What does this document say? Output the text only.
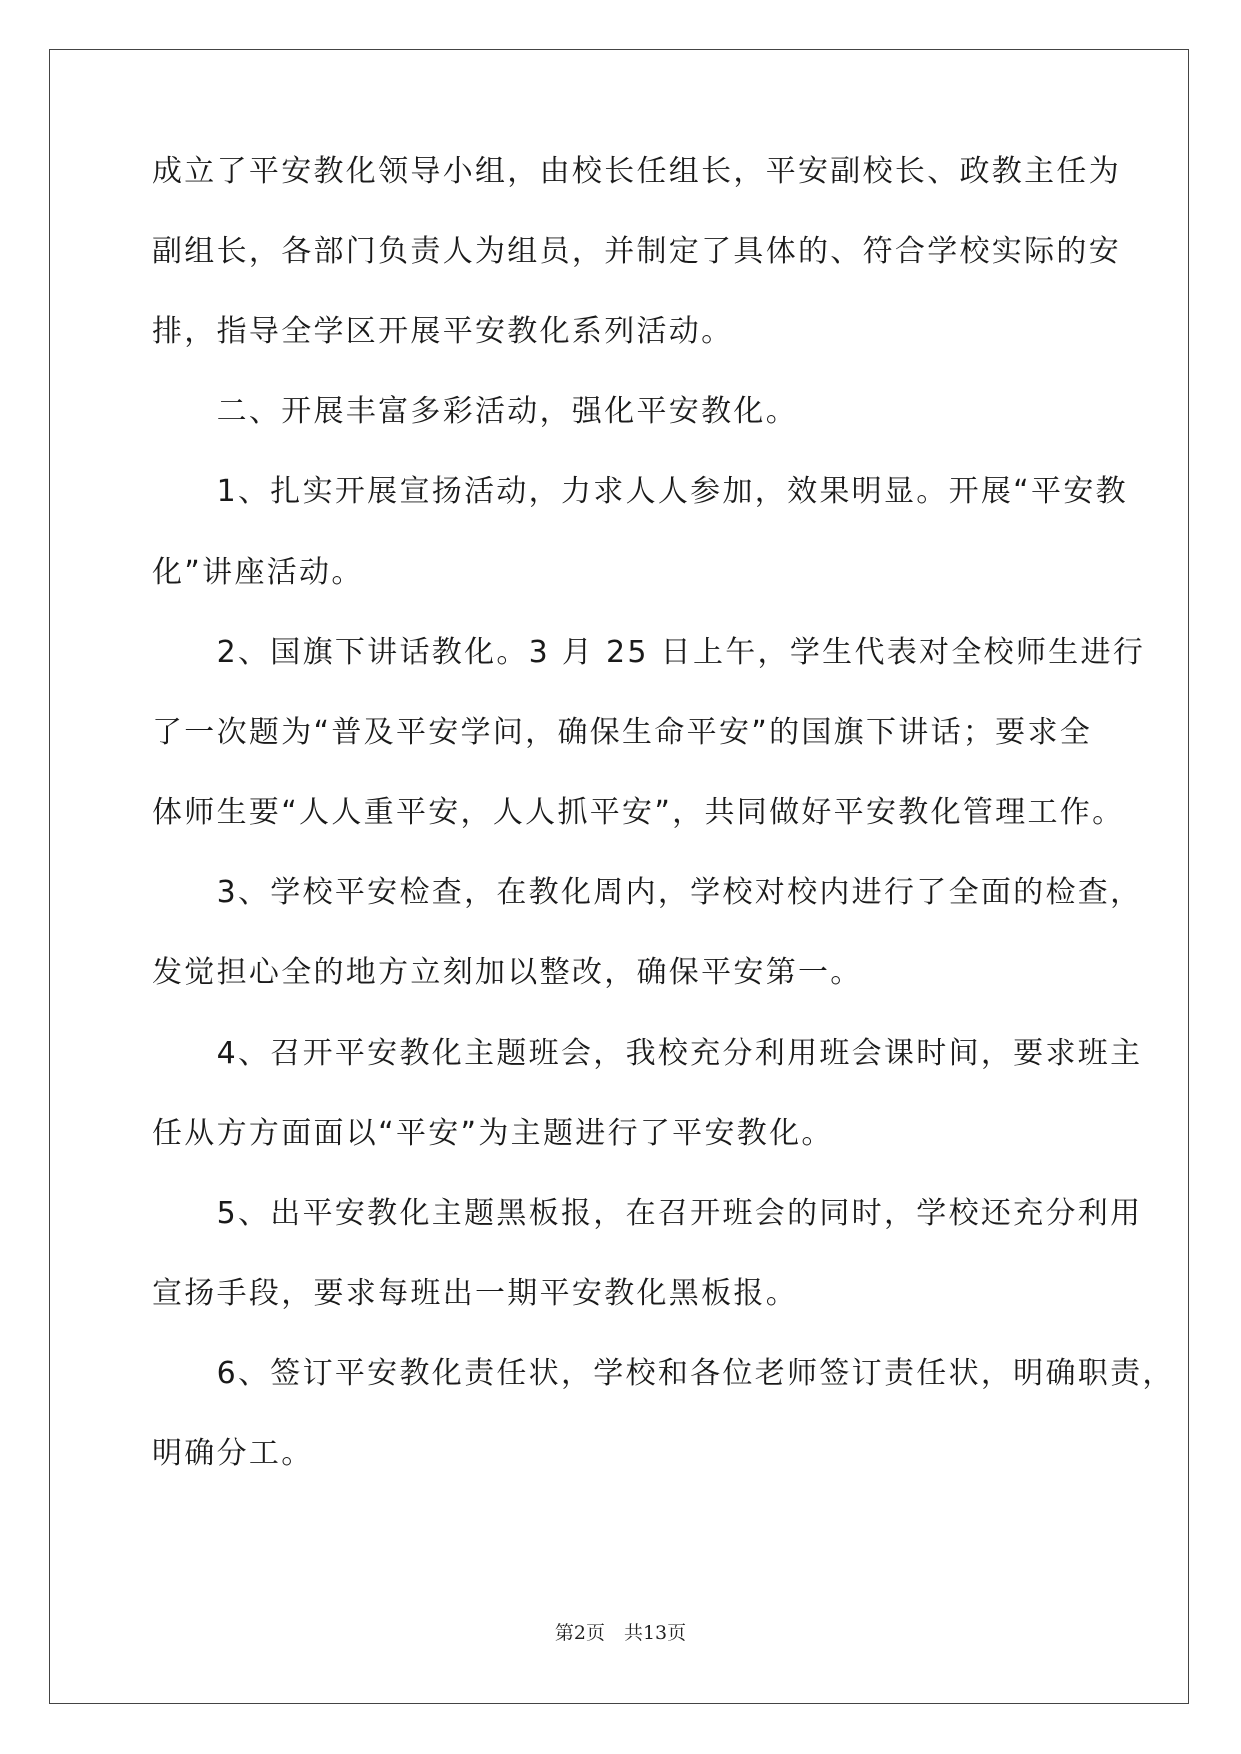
成立了平安教化领导小组，由校长任组长，平安副校长、政教主任为
副组长，各部门负责人为组员，并制定了具体的、符合学校实际的安
排，指导全学区开展平安教化系列活动。
　　二、开展丰富多彩活动，强化平安教化。
　　1、扎实开展宣扬活动，力求人人参加，效果明显。开展“平安教
化”讲座活动。
　　2、国旗下讲话教化。3 月 25 日上午，学生代表对全校师生进行
了一次题为“普及平安学问，确保生命平安”的国旗下讲话；要求全
体师生要“人人重平安，人人抓平安”，共同做好平安教化管理工作。
　　3、学校平安检查，在教化周内，学校对校内进行了全面的检查，
发觉担心全的地方立刻加以整改，确保平安第一。
　　4、召开平安教化主题班会，我校充分利用班会课时间，要求班主
任从方方面面以“平安”为主题进行了平安教化。
　　5、出平安教化主题黑板报，在召开班会的同时，学校还充分利用
宣扬手段，要求每班出一期平安教化黑板报。
　　6、签订平安教化责任状，学校和各位老师签订责任状，明确职责，
明确分工。
第2页　共13页
